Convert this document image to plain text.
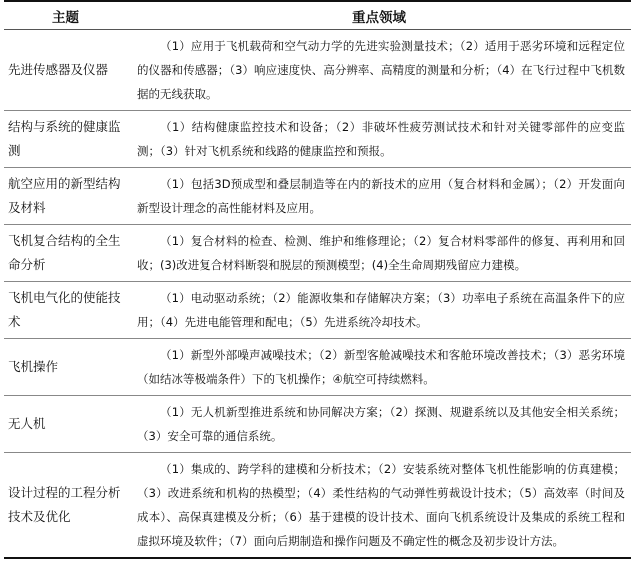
主题	重点领域
先进传感器及仪器	（1）应用于飞机载荷和空气动力学的先进实验测量技术；（2）适用于恶劣环境和远程定位的仪器和传感器；（3）响应速度快、高分辨率、高精度的测量和分析；（4）在飞行过程中飞机数据的无线获取。
结构与系统的健康监测	（1）结构健康监控技术和设备；（2）非破坏性疲劳测试技术和针对关键零部件的应变监测；（3）针对飞机系统和线路的健康监控和预报。
航空应用的新型结构及材料	（1）包括3D预成型和叠层制造等在内的新技术的应用（复合材料和金属）；（2）开发面向新型设计理念的高性能材料及应用。
飞机复合结构的全生命分析	（1）复合材料的检查、检测、维护和维修理论；（2）复合材料零部件的修复、再利用和回收；(3)改进复合材料断裂和脱层的预测模型；(4)全生命周期残留应力建模。
飞机电气化的使能技术	（1）电动驱动系统；（2）能源收集和存储解决方案；（3）功率电子系统在高温条件下的应用；（4）先进电能管理和配电；（5）先进系统冷却技术。
飞机操作	（1）新型外部噪声减噪技术；（2）新型客舱减噪技术和客舱环境改善技术；（3）恶劣环境（如结冰等极端条件）下的飞机操作；④航空可持续燃料。
无人机	（1）无人机新型推进系统和协同解决方案；（2）探测、规避系统以及其他安全相关系统；（3）安全可靠的通信系统。
设计过程的工程分析技术及优化	（1）集成的、跨学科的建模和分析技术；（2）安装系统对整体飞机性能影响的仿真建模；（3）改进系统和机构的热模型；（4）柔性结构的气动弹性剪裁设计技术；（5）高效率（时间及成本）、高保真建模及分析；（6）基于建模的设计技术、面向飞机系统设计及集成的系统工程和虚拟环境及软件；（7）面向后期制造和操作问题及不确定性的概念及初步设计方法。
